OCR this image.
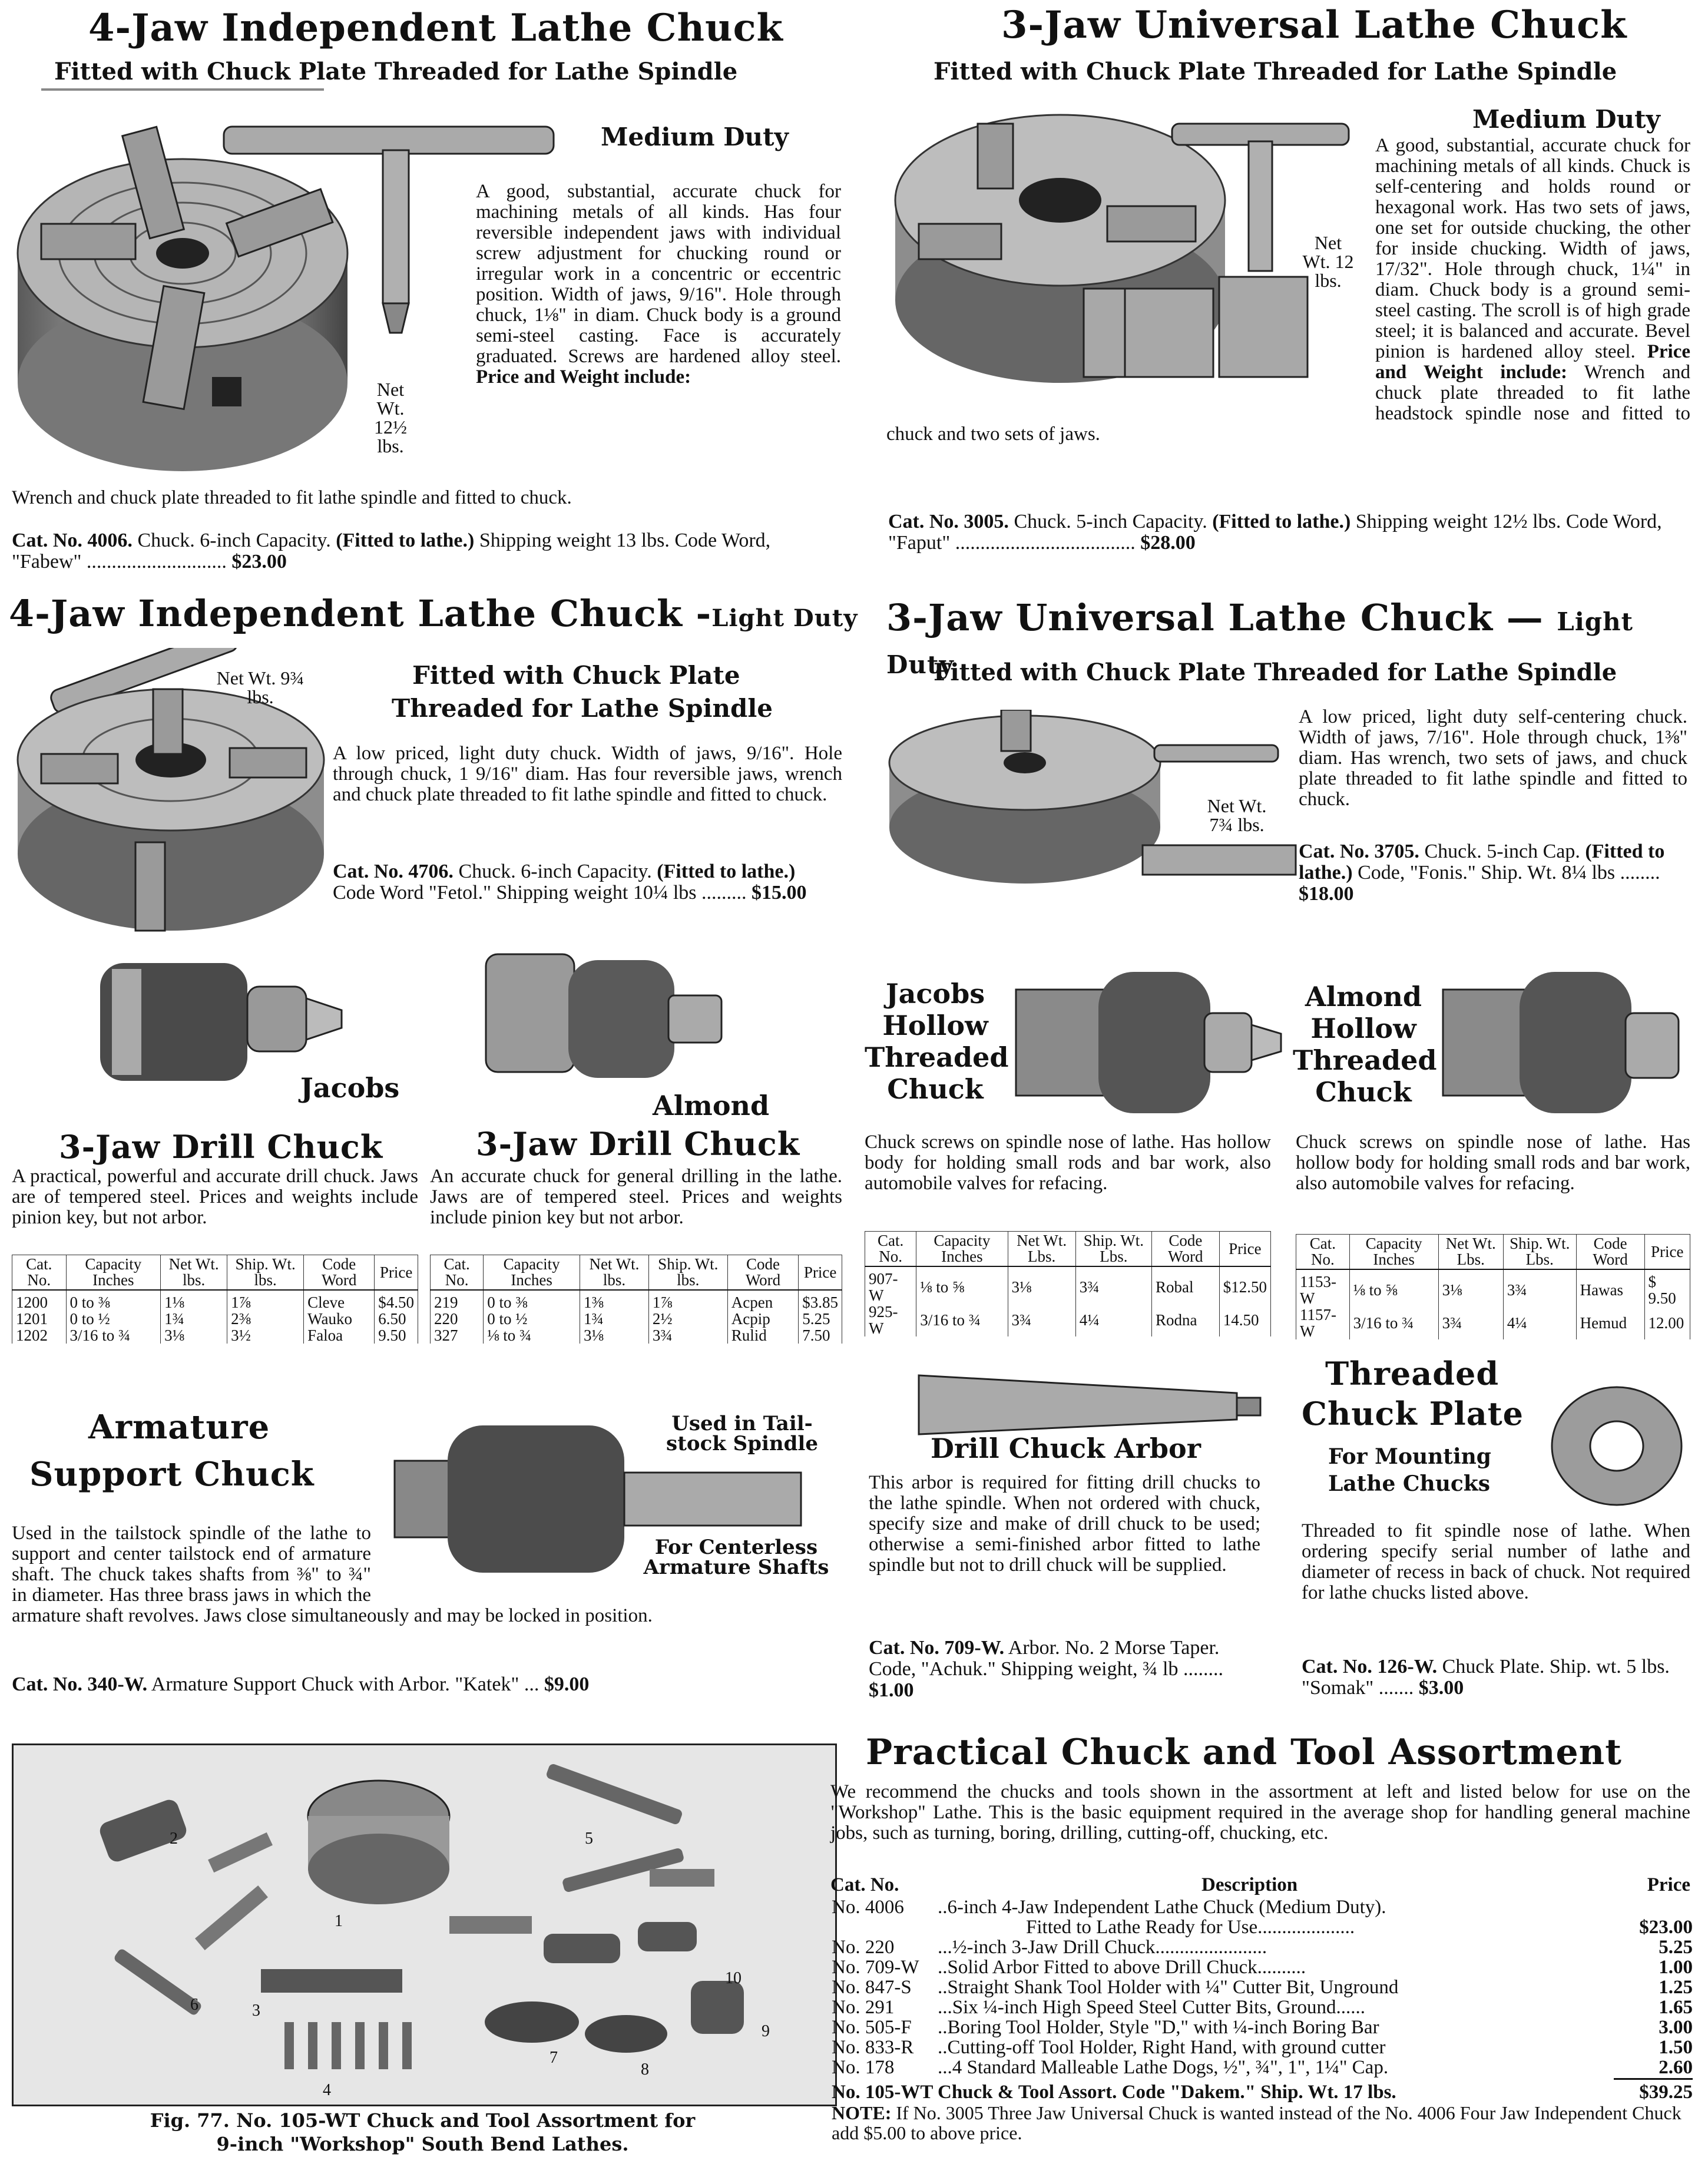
4-Jaw Independent Lathe Chuck
Fitted with Chuck Plate Threaded for Lathe Spindle
Medium Duty
Net Wt. 12½ lbs.
A good, substantial, accurate chuck for machining metals of all kinds. Has four reversible independent jaws with individual screw adjustment for chucking round or irregular work in a concentric or eccentric position. Width of jaws, 9/16". Hole through chuck, 1⅛" in diam. Chuck body is a ground semi-steel casting. Face is accurately graduated. Screws are hardened alloy steel. Price and Weight include:
Wrench and chuck plate threaded to fit lathe spindle and fitted to chuck.
Cat. No. 4006. Chuck. 6-inch Capacity. (Fitted to lathe.) Shipping weight 13 lbs. Code Word, "Fabew" ............................ $23.00
3-Jaw Universal Lathe Chuck
Fitted with Chuck Plate Threaded for Lathe Spindle
Medium Duty
Net Wt. 12 lbs.
A good, substantial, accurate chuck for machining metals of all kinds. Chuck is self-centering and holds round or hexagonal work. Has two sets of jaws, one set for outside chucking, the other for inside chucking. Width of jaws, 17/32". Hole through chuck, 1¼" in diam. Chuck body is a ground semi-steel casting. The scroll is of high grade steel; it is balanced and accurate. Bevel pinion is hardened alloy steel. Price and Weight include: Wrench and chuck plate threaded to fit lathe headstock spindle nose and fitted to chuck and two sets of jaws.
Cat. No. 3005. Chuck. 5-inch Capacity. (Fitted to lathe.) Shipping weight 12½ lbs. Code Word, "Faput" .................................... $28.00
4-Jaw Independent Lathe Chuck -Light Duty
Net Wt. 9¾ lbs.
Fitted with Chuck Plate
Threaded for Lathe Spindle
A low priced, light duty chuck. Width of jaws, 9/16". Hole through chuck, 1 9/16" diam. Has four reversible jaws, wrench and chuck plate threaded to fit lathe spindle and fitted to chuck.
Cat. No. 4706. Chuck. 6-inch Capacity. (Fitted to lathe.) Code Word "Fetol." Shipping weight 10¼ lbs ......... $15.00
3-Jaw Universal Lathe Chuck — Light Duty
Fitted with Chuck Plate Threaded for Lathe Spindle
Net Wt. 7¾ lbs.
A low priced, light duty self-centering chuck. Width of jaws, 7/16". Hole through chuck, 1⅜" diam. Has wrench, two sets of jaws, and chuck plate threaded to fit lathe spindle and fitted to chuck.
Cat. No. 3705. Chuck. 5-inch Cap. (Fitted to lathe.) Code, "Fonis." Ship. Wt. 8¼ lbs ........ $18.00
Jacobs
3-Jaw Drill Chuck
A practical, powerful and accurate drill chuck. Jaws are of tempered steel. Prices and weights include pinion key, but not arbor.
Cat. No.	Capacity Inches	Net Wt. lbs.	Ship. Wt. lbs.	Code Word	Price
1200	0 to ⅜	1⅛	1⅞	Cleve	$4.50
1201	0 to ½	1¾	2⅜	Wauko	6.50
1202	3/16 to ¾	3⅛	3½	Faloa	9.50
Almond
3-Jaw Drill Chuck
An accurate chuck for general drilling in the lathe. Jaws are of tempered steel. Prices and weights include pinion key but not arbor.
Cat. No.	Capacity Inches	Net Wt. lbs.	Ship. Wt. lbs.	Code Word	Price
219	0 to ⅜	1⅜	1⅞	Acpen	$3.85
220	0 to ½	1¾	2½	Acpip	5.25
327	⅛ to ¾	3⅛	3¾	Rulid	7.50
Jacobs
Hollow
Threaded
Chuck
Chuck screws on spindle nose of lathe. Has hollow body for holding small rods and bar work, also automobile valves for refacing.
Cat. No.	Capacity Inches	Net Wt. Lbs.	Ship. Wt. Lbs.	Code Word	Price
907-W	⅛ to ⅝	3⅛	3¾	Robal	$12.50
925-W	3/16 to ¾	3¾	4¼	Rodna	14.50
Almond
Hollow
Threaded
Chuck
Chuck screws on spindle nose of lathe. Has hollow body for holding small rods and bar work, also automobile valves for refacing.
Cat. No.	Capacity Inches	Net Wt. Lbs.	Ship. Wt. Lbs.	Code Word	Price
1153-W	⅛ to ⅝	3⅛	3¾	Hawas	$ 9.50
1157-W	3/16 to ¾	3¾	4¼	Hemud	12.00
Armature
Support Chuck
Used in Tail-stock Spindle
For Centerless Armature Shafts
Used in the tailstock spindle of the lathe to support and center tailstock end of armature shaft. The chuck takes shafts from ⅜" to ¾" in diameter. Has three brass jaws in which the armature shaft revolves. Jaws close simultaneously and may be locked in position.
Cat. No. 340-W. Armature Support Chuck with Arbor. "Katek" ... $9.00
Drill Chuck Arbor
This arbor is required for fitting drill chucks to the lathe spindle. When not ordered with chuck, specify size and make of drill chuck to be used; otherwise a semi-finished arbor fitted to lathe spindle but not to drill chuck will be supplied.
Cat. No. 709-W. Arbor. No. 2 Morse Taper. Code, "Achuk." Shipping weight, ¾ lb ........ $1.00
Threaded
Chuck Plate
For Mounting
Lathe Chucks
Threaded to fit spindle nose of lathe. When ordering specify serial number of lathe and diameter of recess in back of chuck. Not required for lathe chucks listed above.
Cat. No. 126-W. Chuck Plate. Ship. wt. 5 lbs. "Somak" ....... $3.00
2
1
5
3
6
4
7
8
9
10
Fig. 77. No. 105-WT Chuck and Tool Assortment for
9-inch "Workshop" South Bend Lathes.
Practical Chuck and Tool Assortment
We recommend the chucks and tools shown in the assortment at left and listed below for use on the "Workshop" Lathe. This is the basic equipment required in the average shop for handling general machine jobs, such as turning, boring, drilling, cutting-off, chucking, etc.
Cat. No.	Description	Price
No. 4006 ..6-inch 4-Jaw Independent Lathe Chuck (Medium Duty).
Fitted to Lathe Ready for Use....................	$23.00
No. 220 ...½-inch 3-Jaw Drill Chuck.......................	5.25
No. 709-W ..Solid Arbor Fitted to above Drill Chuck..........	1.00
No. 847-S ..Straight Shank Tool Holder with ¼" Cutter Bit, Unground	1.25
No. 291 ...Six ¼-inch High Speed Steel Cutter Bits, Ground......	1.65
No. 505-F ..Boring Tool Holder, Style "D," with ¼-inch Boring Bar	3.00
No. 833-R ..Cutting-off Tool Holder, Right Hand, with ground cutter	1.50
No. 178 ...4 Standard Malleable Lathe Dogs, ½", ¾", 1", 1¼" Cap.	2.60
No. 105-WT Chuck & Tool Assort. Code "Dakem." Ship. Wt. 17 lbs.	$39.25
NOTE: If No. 3005 Three Jaw Universal Chuck is wanted instead of the No. 4006 Four Jaw Independent Chuck add $5.00 to above price.
